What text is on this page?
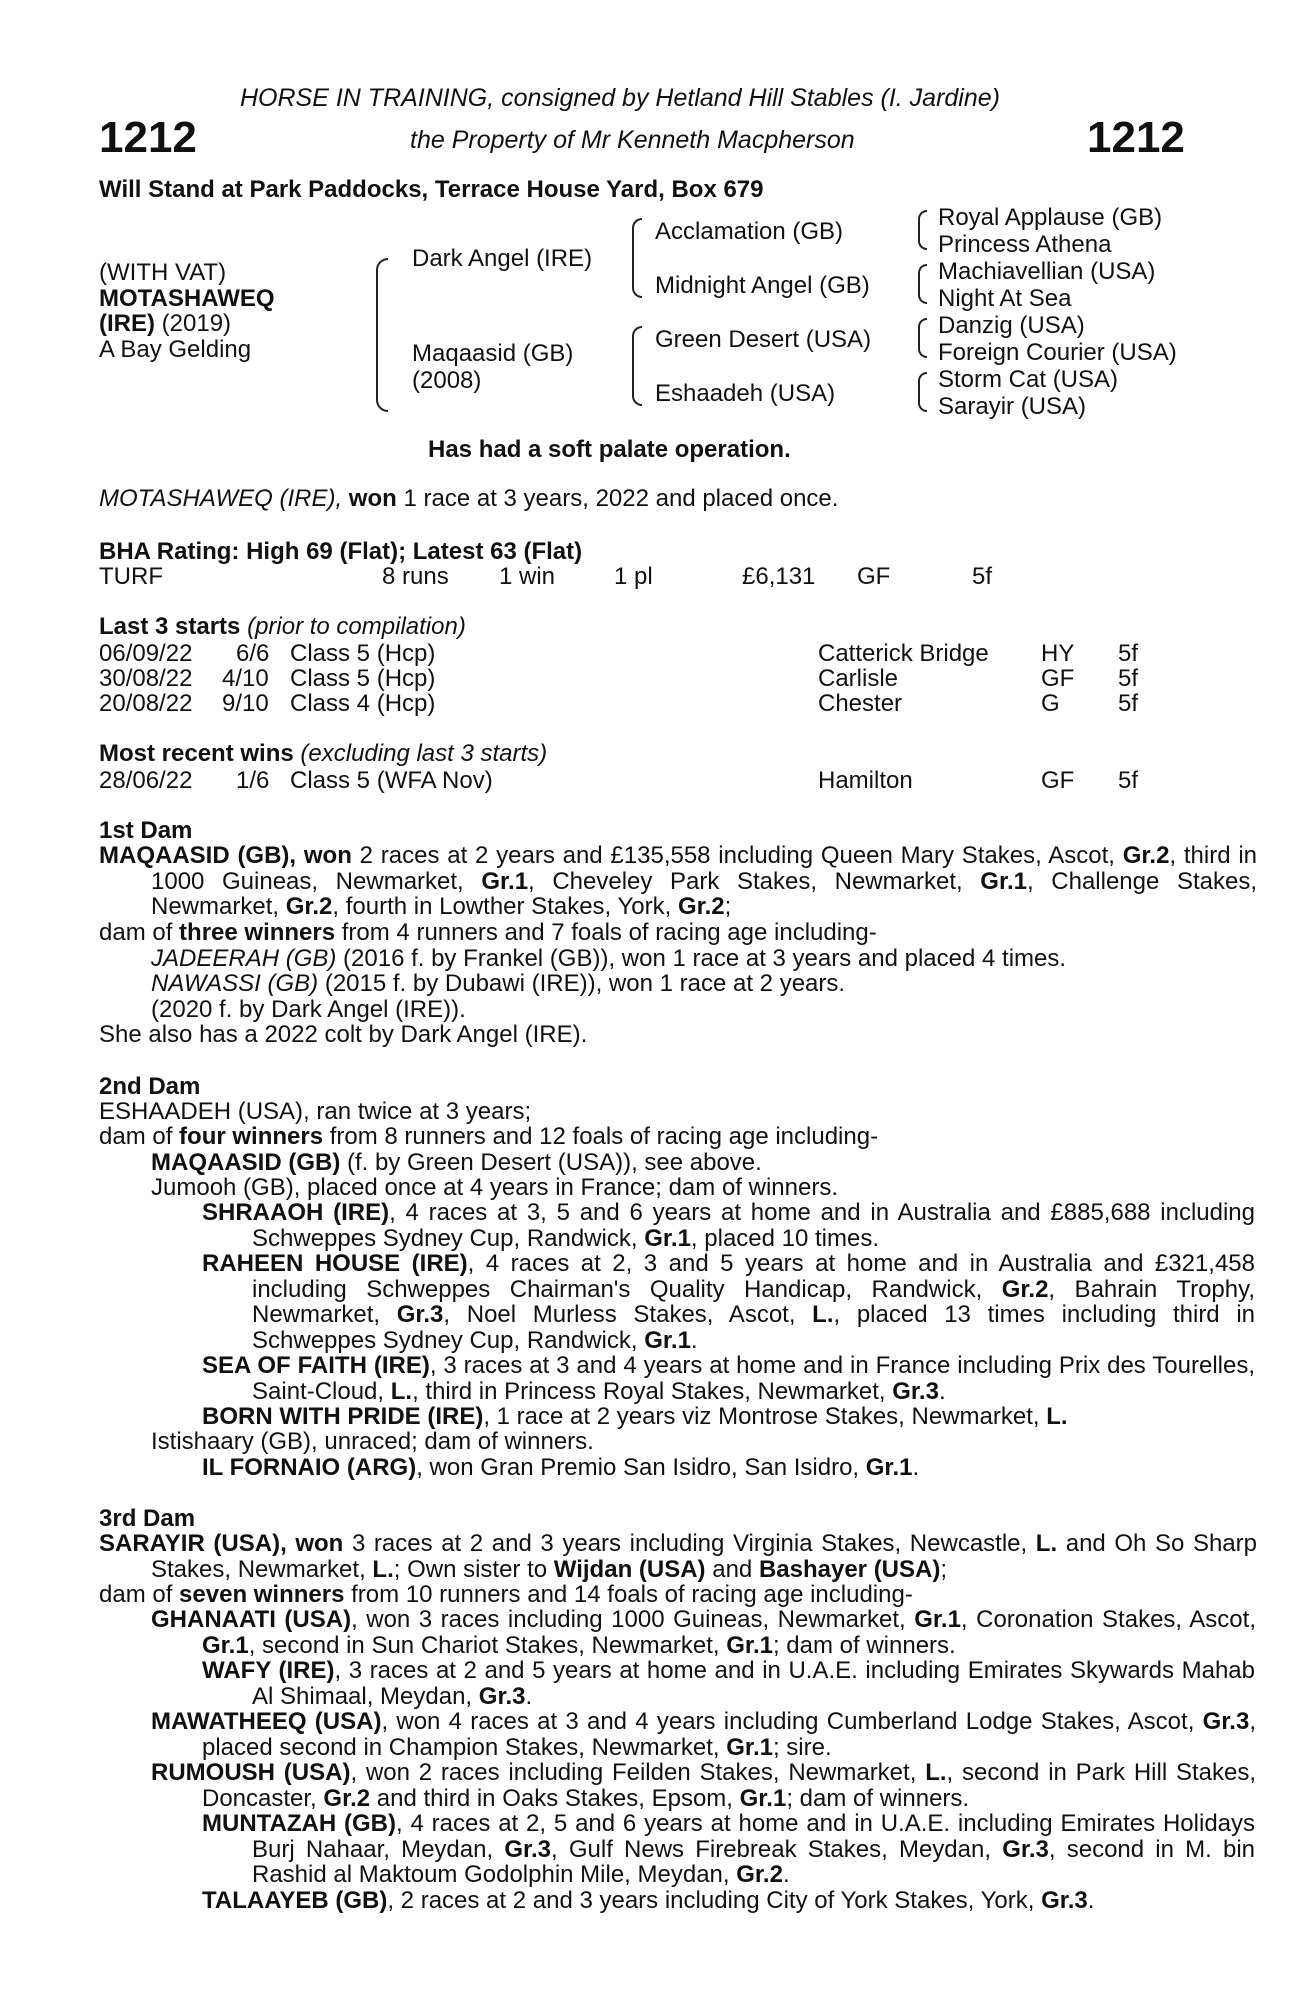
HORSE IN TRAINING, consigned by Hetland Hill Stables (I. Jardine)
1212	the Property of Mr Kenneth Macpherson	1212
Will Stand at Park Paddocks, Terrace House Yard, Box 679
(WITH VAT)
MOTASHAWEQ
(IRE) (2019)
A Bay Gelding
Dark Angel (IRE)
Maqaasid (GB)
(2008)
Acclamation (GB)
Midnight Angel (GB)
Green Desert (USA)
Eshaadeh (USA)
Royal Applause (GB)
Princess Athena
Machiavellian (USA)
Night At Sea
Danzig (USA)
Foreign Courier (USA)
Storm Cat (USA)
Sarayir (USA)
Has had a soft palate operation.
MOTASHAWEQ (IRE), won 1 race at 3 years, 2022 and placed once.
BHA Rating: High 69 (Flat); Latest 63 (Flat)
TURF	8 runs 1 win 1 pl	£6,131 GF	5f
Last 3 starts (prior to compilation)
06/09/22 6/6 Class 5 (Hcp)	Catterick Bridge HY 5f
30/08/22 4/10 Class 5 (Hcp)	Carlisle	GF 5f
20/08/22 9/10 Class 4 (Hcp)	Chester	G 5f
Most recent wins (excluding last 3 starts)
28/06/22 1/6 Class 5 (WFA Nov)	Hamilton	GF 5f
1st Dam
MAQAASID (GB), won 2 races at 2 years and £135,558 including Queen Mary Stakes, Ascot, Gr.2, third in 1000 Guineas, Newmarket, Gr.1, Cheveley Park Stakes, Newmarket, Gr.1, Challenge Stakes, Newmarket, Gr.2, fourth in Lowther Stakes, York, Gr.2;
dam of three winners from 4 runners and 7 foals of racing age including-
JADEERAH (GB) (2016 f. by Frankel (GB)), won 1 race at 3 years and placed 4 times.
NAWASSI (GB) (2015 f. by Dubawi (IRE)), won 1 race at 2 years.
(2020 f. by Dark Angel (IRE)).
She also has a 2022 colt by Dark Angel (IRE).
2nd Dam
ESHAADEH (USA), ran twice at 3 years;
dam of four winners from 8 runners and 12 foals of racing age including-
MAQAASID (GB) (f. by Green Desert (USA)), see above.
Jumooh (GB), placed once at 4 years in France; dam of winners.
SHRAAOH (IRE), 4 races at 3, 5 and 6 years at home and in Australia and £885,688 including Schweppes Sydney Cup, Randwick, Gr.1, placed 10 times.
RAHEEN HOUSE (IRE), 4 races at 2, 3 and 5 years at home and in Australia and £321,458 including Schweppes Chairman's Quality Handicap, Randwick, Gr.2, Bahrain Trophy, Newmarket, Gr.3, Noel Murless Stakes, Ascot, L., placed 13 times including third in Schweppes Sydney Cup, Randwick, Gr.1.
SEA OF FAITH (IRE), 3 races at 3 and 4 years at home and in France including Prix des Tourelles, Saint-Cloud, L., third in Princess Royal Stakes, Newmarket, Gr.3.
BORN WITH PRIDE (IRE), 1 race at 2 years viz Montrose Stakes, Newmarket, L.
Istishaary (GB), unraced; dam of winners.
IL FORNAIO (ARG), won Gran Premio San Isidro, San Isidro, Gr.1.
3rd Dam
SARAYIR (USA), won 3 races at 2 and 3 years including Virginia Stakes, Newcastle, L. and Oh So Sharp Stakes, Newmarket, L.; Own sister to Wijdan (USA) and Bashayer (USA);
dam of seven winners from 10 runners and 14 foals of racing age including-
GHANAATI (USA), won 3 races including 1000 Guineas, Newmarket, Gr.1, Coronation Stakes, Ascot, Gr.1, second in Sun Chariot Stakes, Newmarket, Gr.1; dam of winners.
WAFY (IRE), 3 races at 2 and 5 years at home and in U.A.E. including Emirates Skywards Mahab Al Shimaal, Meydan, Gr.3.
MAWATHEEQ (USA), won 4 races at 3 and 4 years including Cumberland Lodge Stakes, Ascot, Gr.3, placed second in Champion Stakes, Newmarket, Gr.1; sire.
RUMOUSH (USA), won 2 races including Feilden Stakes, Newmarket, L., second in Park Hill Stakes, Doncaster, Gr.2 and third in Oaks Stakes, Epsom, Gr.1; dam of winners.
MUNTAZAH (GB), 4 races at 2, 5 and 6 years at home and in U.A.E. including Emirates Holidays Burj Nahaar, Meydan, Gr.3, Gulf News Firebreak Stakes, Meydan, Gr.3, second in M. bin Rashid al Maktoum Godolphin Mile, Meydan, Gr.2.
TALAAYEB (GB), 2 races at 2 and 3 years including City of York Stakes, York, Gr.3.
